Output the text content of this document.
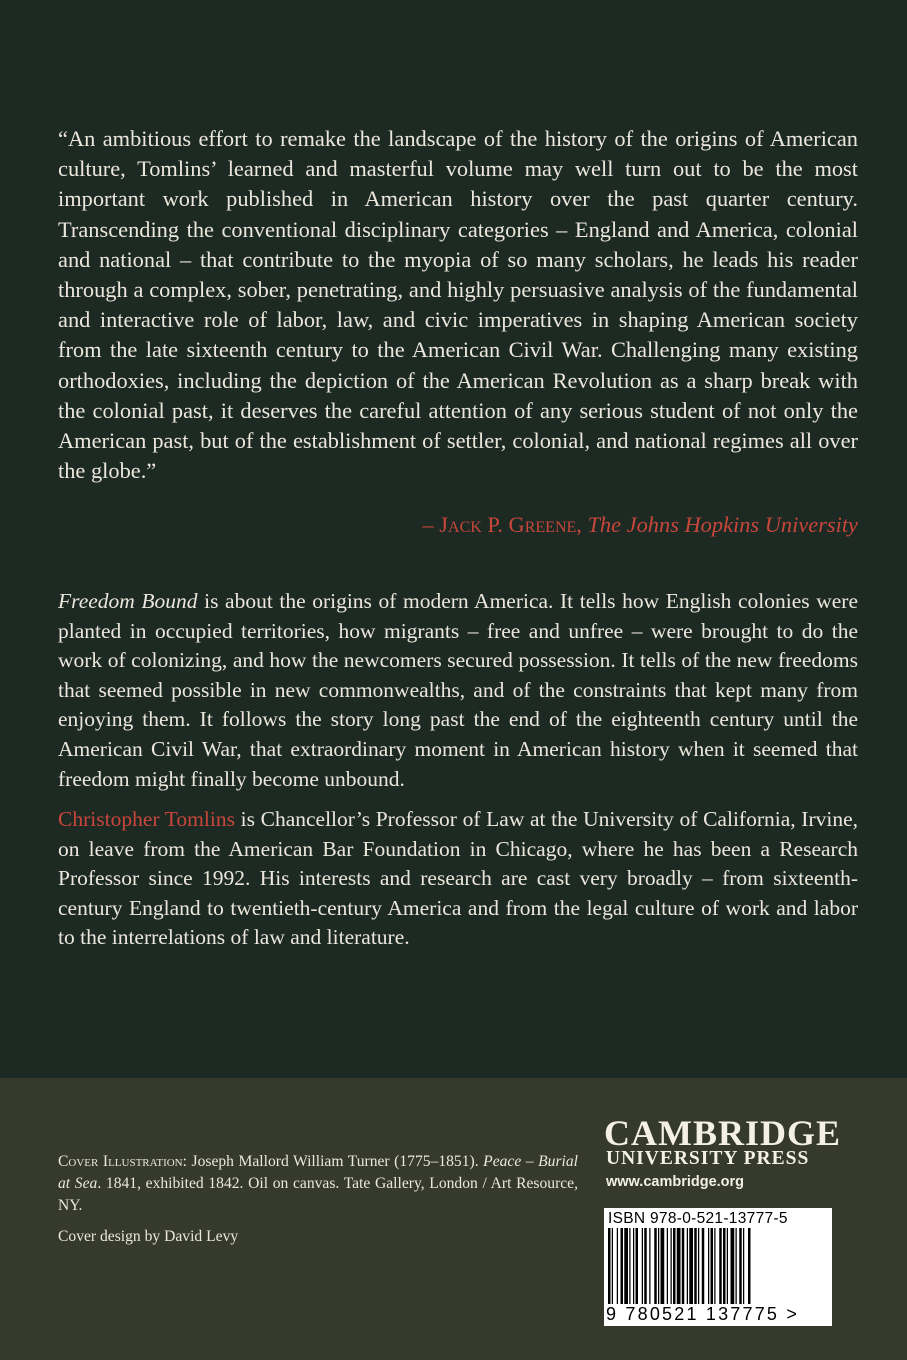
“An ambitious effort to remake the landscape of the history of the origins of American culture, Tomlins’ learned and masterful volume may well turn out to be the most important work published in American history over the past quarter century. Transcending the conventional disciplinary categories – England and America, colonial and national – that contribute to the myopia of so many scholars, he leads his reader through a complex, sober, penetrating, and highly persuasive analysis of the fundamental and interactive role of labor, law, and civic imperatives in shaping American society from the late sixteenth century to the American Civil War. Challenging many existing orthodoxies, including the depiction of the American Revolution as a sharp break with the colonial past, it deserves the careful attention of any serious student of not only the American past, but of the establishment of settler, colonial, and national regimes all over the globe.”

– Jack P. Greene, The Johns Hopkins University

Freedom Bound is about the origins of modern America. It tells how English colonies were planted in occupied territories, how migrants – free and unfree – were brought to do the work of colonizing, and how the newcomers secured possession. It tells of the new freedoms that seemed possible in new commonwealths, and of the constraints that kept many from enjoying them. It follows the story long past the end of the eighteenth century until the American Civil War, that extraordinary moment in American history when it seemed that freedom might finally become unbound.

Christopher Tomlins is Chancellor’s Professor of Law at the University of California, Irvine, on leave from the American Bar Foundation in Chicago, where he has been a Research Professor since 1992. His interests and research are cast very broadly – from sixteenth-century England to twentieth-century America and from the legal culture of work and labor to the interrelations of law and literature.

Cover Illustration: Joseph Mallord William Turner (1775–1851). Peace – Burial at Sea. 1841, exhibited 1842. Oil on canvas. Tate Gallery, London / Art Resource, NY.

Cover design by David Levy

CAMBRIDGE
UNIVERSITY PRESS
www.cambridge.org
ISBN 978-0-521-13777-5
9 780521 137775 >
